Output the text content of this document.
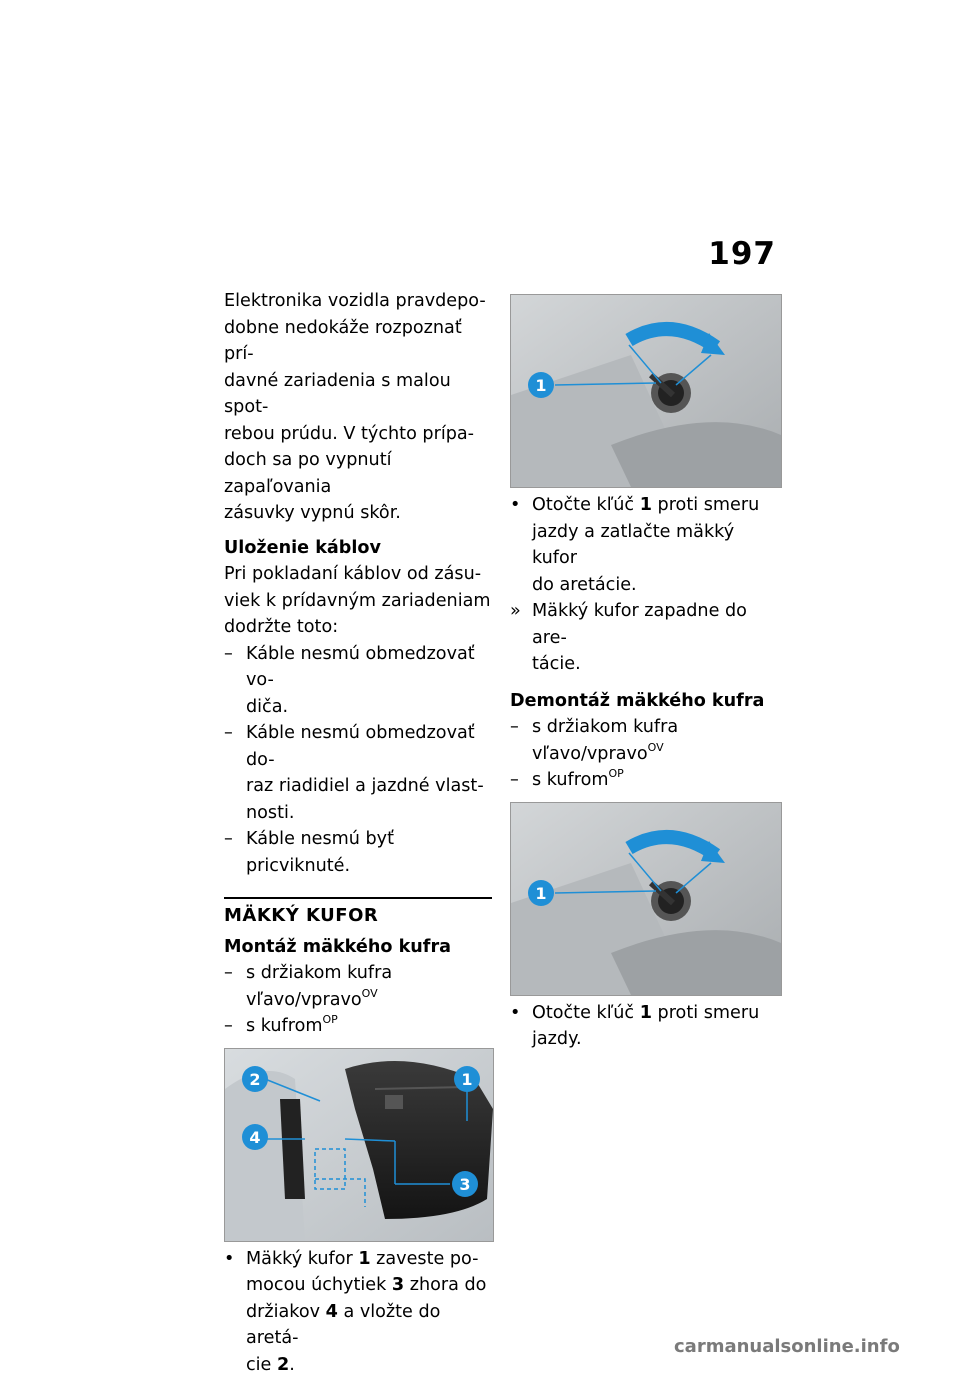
197

Elektronika vozidla pravdepo-

dobne nedokáže rozpoznať prí-

davné zariadenia s malou spot-

rebou prúdu. V týchto prípa-

doch sa po vypnutí zapaľovania

zásuvky vypnú skôr.

Uloženie káblov

Pri pokladaní káblov od zásu-

viek k prídavným zariadeniam

dodržte toto:

– Káble nesmú obmedzovať vo-

diča.

– Káble nesmú obmedzovať do-

raz riadidiel a jazdné vlast-

nosti.

– Káble nesmú byť pricviknuté.

MÄKKÝ KUFOR

Montáž mäkkého kufra

– s držiakom kufra

vľavo/vpravo$^{OV}$

– s kufrom$^{OP}$

1
2
3
4

• Mäkký kufor 1 zaveste po-

mocou úchytiek 3 zhora do

držiakov 4 a vložte do aretá-

cie 2.

1

• Otočte kľúč 1 proti smeru

jazdy a zatlačte mäkký kufor

do aretácie.

» Mäkký kufor zapadne do are-

tácie.

Demontáž mäkkého kufra

– s držiakom kufra

vľavo/vpravo$^{OV}$

– s kufrom$^{OP}$

1

• Otočte kľúč 1 proti smeru

jazdy.

carmanualsonline.info
